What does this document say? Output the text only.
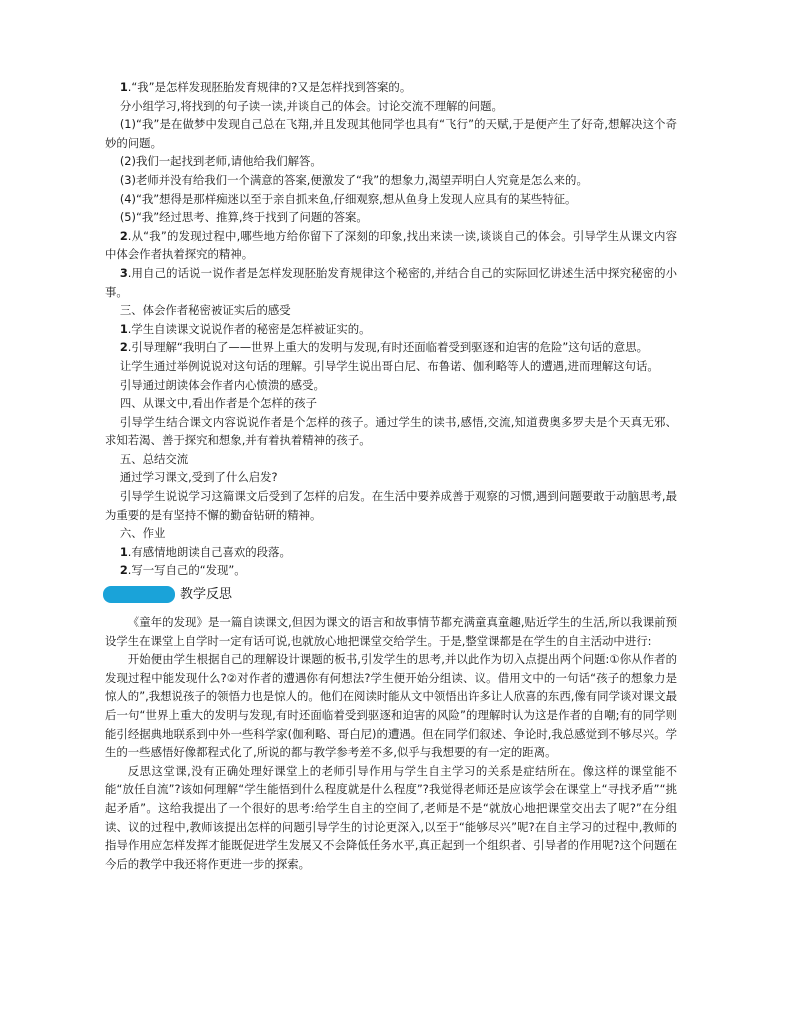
1.“我”是怎样发现胚胎发育规律的?又是怎样找到答案的。

分小组学习,将找到的句子读一读,并谈自己的体会。讨论交流不理解的问题。

(1)“我”是在做梦中发现自己总在飞翔,并且发现其他同学也具有“飞行”的天赋,于是便产生了好奇,想解决这个奇妙的问题。

(2)我们一起找到老师,请他给我们解答。

(3)老师并没有给我们一个满意的答案,便激发了“我”的想象力,渴望弄明白人究竟是怎么来的。

(4)“我”想得是那样痴迷以至于亲自抓来鱼,仔细观察,想从鱼身上发现人应具有的某些特征。

(5)“我”经过思考、推算,终于找到了问题的答案。

2.从“我”的发现过程中,哪些地方给你留下了深刻的印象,找出来读一读,谈谈自己的体会。引导学生从课文内容中体会作者执着探究的精神。

3.用自己的话说一说作者是怎样发现胚胎发育规律这个秘密的,并结合自己的实际回忆讲述生活中探究秘密的小事。

三、体会作者秘密被证实后的感受

1.学生自读课文说说作者的秘密是怎样被证实的。

2.引导理解“我明白了——世界上重大的发明与发现,有时还面临着受到驱逐和迫害的危险”这句话的意思。

让学生通过举例说说对这句话的理解。引导学生说出哥白尼、布鲁诺、伽利略等人的遭遇,进而理解这句话。

引导通过朗读体会作者内心愤溃的感受。

四、从课文中,看出作者是个怎样的孩子

引导学生结合课文内容说说作者是个怎样的孩子。通过学生的读书,感悟,交流,知道费奥多罗夫是个天真无邪、求知若渴、善于探究和想象,并有着执着精神的孩子。

五、总结交流

通过学习课文,受到了什么启发?

引导学生说说学习这篇课文后受到了怎样的启发。在生活中要养成善于观察的习惯,遇到问题要敢于动脑思考,最为重要的是有坚持不懈的勤奋钻研的精神。

六、作业

1.有感情地朗读自己喜欢的段落。

2.写一写自己的“发现”。

教学反思

《童年的发现》是一篇自读课文,但因为课文的语言和故事情节都充满童真童趣,贴近学生的生活,所以我课前预设学生在课堂上自学时一定有话可说,也就放心地把课堂交给学生。于是,整堂课都是在学生的自主活动中进行:

开始便由学生根据自己的理解设计课题的板书,引发学生的思考,并以此作为切入点提出两个问题:①你从作者的发现过程中能发现什么?②对作者的遭遇你有何想法?学生便开始分组读、议。借用文中的一句话“孩子的想象力是惊人的”,我想说孩子的领悟力也是惊人的。他们在阅读时能从文中领悟出许多让人欣喜的东西,像有同学谈对课文最后一句“世界上重大的发明与发现,有时还面临着受到驱逐和迫害的风险”的理解时认为这是作者的自嘲;有的同学则能引经据典地联系到中外一些科学家(伽利略、哥白尼)的遭遇。但在同学们叙述、争论时,我总感觉到不够尽兴。学生的一些感悟好像都程式化了,所说的都与教学参考差不多,似乎与我想要的有一定的距离。

反思这堂课,没有正确处理好课堂上的老师引导作用与学生自主学习的关系是症结所在。像这样的课堂能不能“放任自流”?该如何理解“学生能悟到什么程度就是什么程度”?我觉得老师还是应该学会在课堂上“寻找矛盾”“挑起矛盾”。这给我提出了一个很好的思考:给学生自主的空间了,老师是不是“就放心地把课堂交出去了呢?”在分组读、议的过程中,教师该提出怎样的问题引导学生的讨论更深入,以至于“能够尽兴”呢?在自主学习的过程中,教师的指导作用应怎样发挥才能既促进学生发展又不会降低任务水平,真正起到一个组织者、引导者的作用呢?这个问题在今后的教学中我还将作更进一步的探索。
